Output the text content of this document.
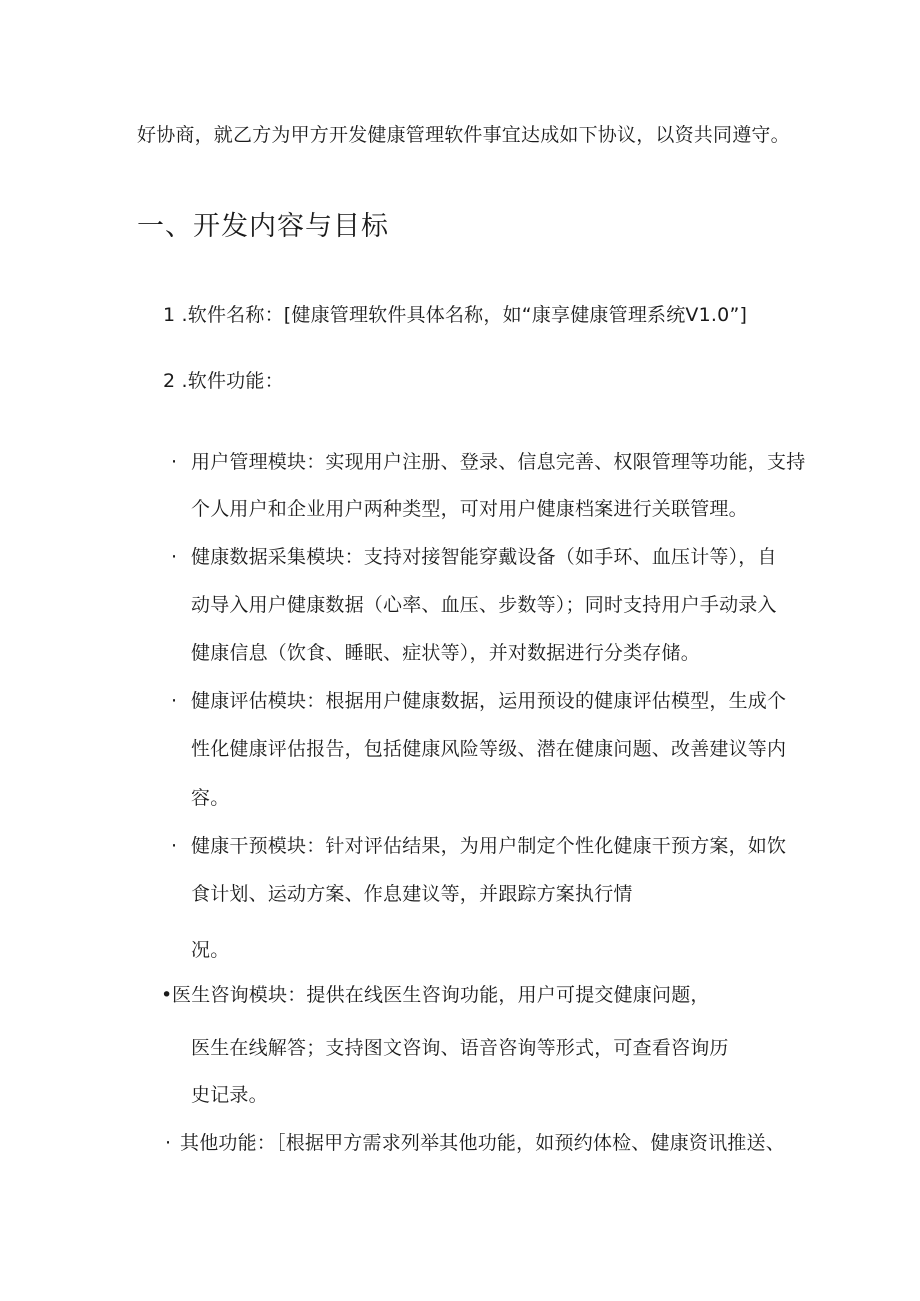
好协商，就乙方为甲方开发健康管理软件事宜达成如下协议，以资共同遵守。
一、开发内容与目标
1 .软件名称：[健康管理软件具体名称，如“康享健康管理系统V1.0”]
2 .软件功能：
· 用户管理模块：实现用户注册、登录、信息完善、权限管理等功能，支持
个人用户和企业用户两种类型，可对用户健康档案进行关联管理。
· 健康数据采集模块：支持对接智能穿戴设备（如手环、血压计等），自
动导入用户健康数据（心率、血压、步数等）；同时支持用户手动录入
健康信息（饮食、睡眠、症状等），并对数据进行分类存储。
· 健康评估模块：根据用户健康数据，运用预设的健康评估模型，生成个
性化健康评估报告，包括健康风险等级、潜在健康问题、改善建议等内
容。
· 健康干预模块：针对评估结果，为用户制定个性化健康干预方案，如饮
食计划、运动方案、作息建议等，并跟踪方案执行情
况。
• 医生咨询模块：提供在线医生咨询功能，用户可提交健康问题，
医生在线解答；支持图文咨询、语音咨询等形式，可查看咨询历
史记录。
· 其他功能：［根据甲方需求列举其他功能，如预约体检、健康资讯推送、
